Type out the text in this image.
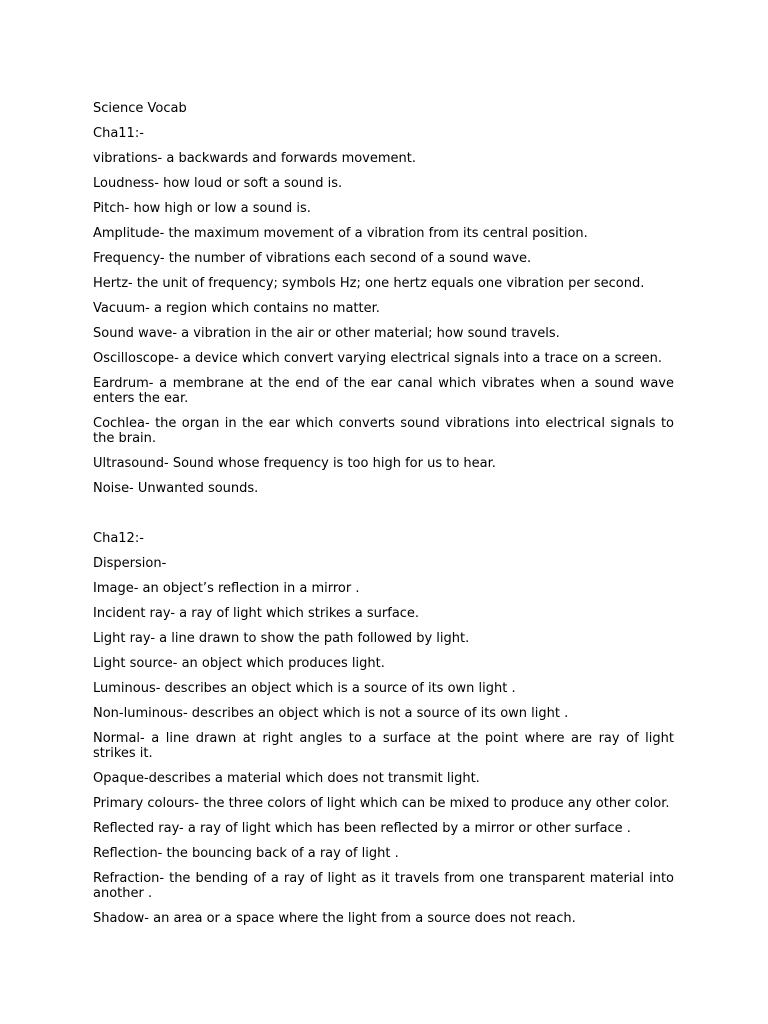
Science Vocab

Cha11:-

vibrations- a backwards and forwards movement.

Loudness- how loud or soft a sound is.

Pitch- how high or low a sound is.

Amplitude- the maximum movement of a vibration from its central position.

Frequency- the number of vibrations each second of a sound wave.

Hertz- the unit of frequency; symbols Hz; one hertz equals one vibration per second.

Vacuum- a region which contains no matter.

Sound wave- a vibration in the air or other material; how sound travels.

Oscilloscope- a device which convert varying electrical signals into a trace on a screen.

Eardrum- a membrane at the end of the ear canal which vibrates when a sound wave enters the ear.

Cochlea- the organ in the ear which converts sound vibrations into electrical signals to the brain.

Ultrasound- Sound whose frequency is too high for us to hear.

Noise- Unwanted sounds.

Cha12:-

Dispersion-

Image- an object’s reflection in a mirror .

Incident ray- a ray of light which strikes a surface.

Light ray- a line drawn to show the path followed by light.

Light source- an object which produces light.

Luminous- describes an object which is a source of its own light .

Non-luminous- describes an object which is not a source of its own light .

Normal- a line drawn at right angles to a surface at the point where are ray of light strikes it.

Opaque-describes a material which does not transmit light.

Primary colours- the three colors of light which can be mixed to produce any other color.

Reflected ray- a ray of light which has been reflected by a mirror or other surface .

Reflection- the bouncing back of a ray of light .

Refraction- the bending of a ray of light as it travels from one transparent material into another .

Shadow- an area or a space where the light from a source does not reach.
